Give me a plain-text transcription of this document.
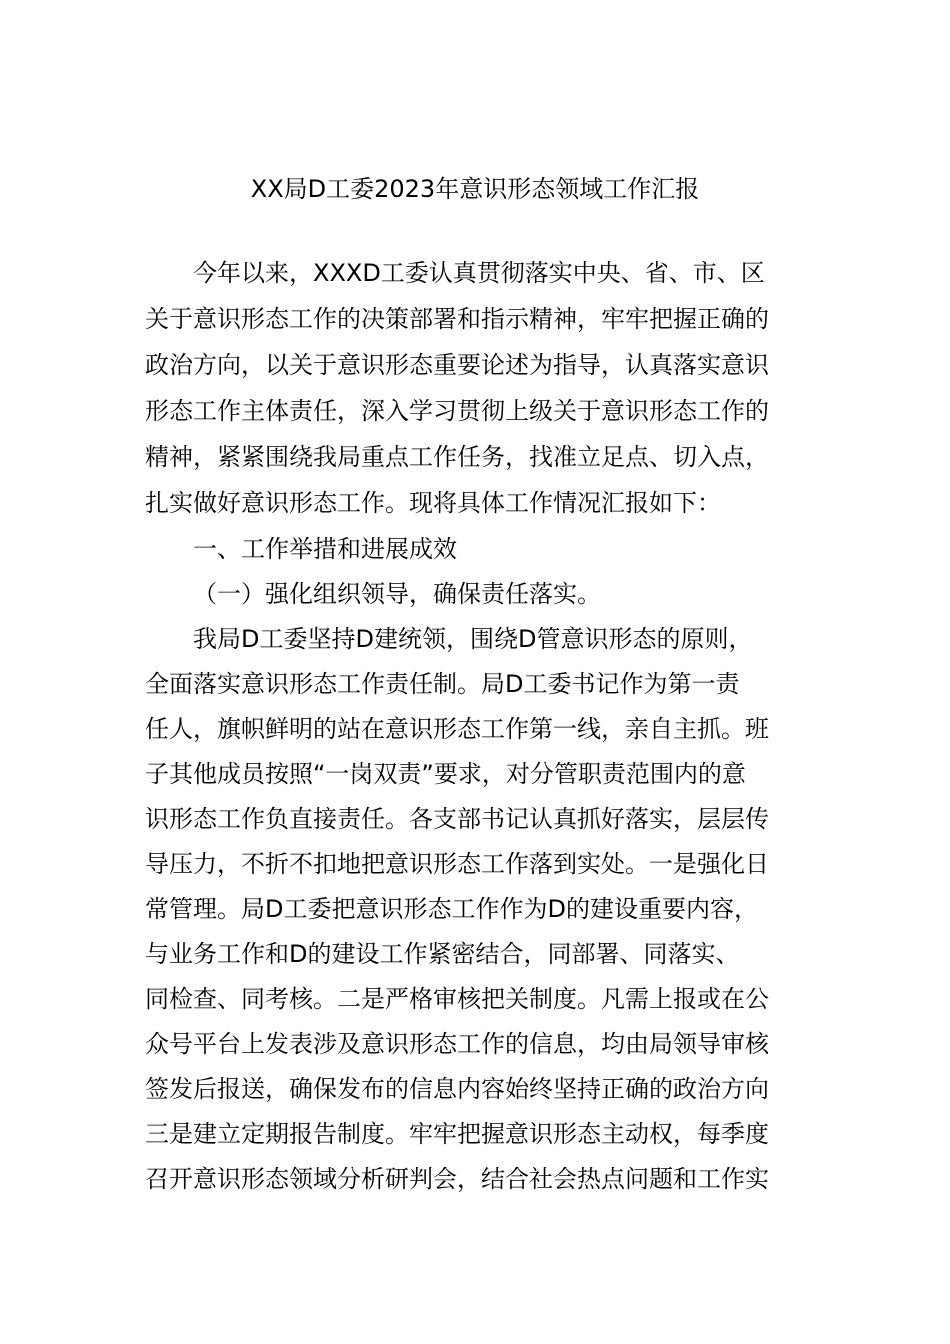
XX局D工委2023年意识形态领域工作汇报
今年以来，XXXD工委认真贯彻落实中央、省、市、区
关于意识形态工作的决策部署和指示精神，牢牢把握正确的
政治方向，以关于意识形态重要论述为指导，认真落实意识
形态工作主体责任，深入学习贯彻上级关于意识形态工作的
精神，紧紧围绕我局重点工作任务，找准立足点、切入点，
扎实做好意识形态工作。现将具体工作情况汇报如下：
一、工作举措和进展成效
（一）强化组织领导，确保责任落实。
我局D工委坚持D建统领，围绕D管意识形态的原则，
全面落实意识形态工作责任制。局D工委书记作为第一责
任人，旗帜鲜明的站在意识形态工作第一线，亲自主抓。班
子其他成员按照“一岗双责”要求，对分管职责范围内的意
识形态工作负直接责任。各支部书记认真抓好落实，层层传
导压力，不折不扣地把意识形态工作落到实处。一是强化日
常管理。局D工委把意识形态工作作为D的建设重要内容，
与业务工作和D的建设工作紧密结合，同部署、同落实、
同检查、同考核。二是严格审核把关制度。凡需上报或在公
众号平台上发表涉及意识形态工作的信息，均由局领导审核
签发后报送，确保发布的信息内容始终坚持正确的政治方向
三是建立定期报告制度。牢牢把握意识形态主动权，每季度
召开意识形态领域分析研判会，结合社会热点问题和工作实
